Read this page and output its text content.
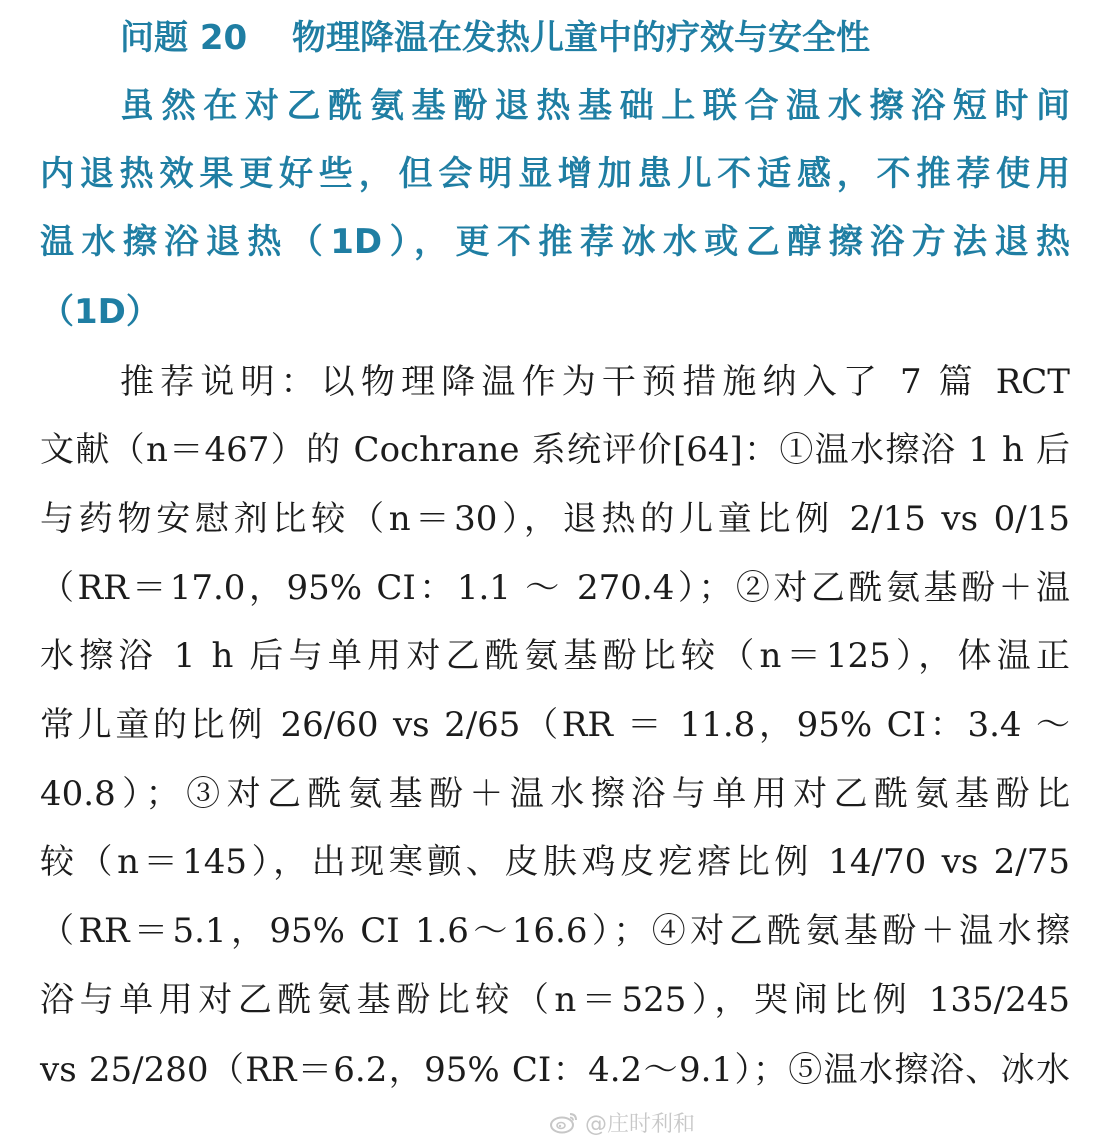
问题 20 物理降温在发热儿童中的疗效与安全性
虽然在对乙酰氨基酚退热基础上联合温水擦浴短时间
内退热效果更好些，但会明显增加患儿不适感，不推荐使用
温水擦浴退热（1D），更不推荐冰水或乙醇擦浴方法退热
（1D）
推荐说明：以物理降温作为干预措施纳入了 7 篇 RCT
文献（n＝467）的 Cochrane 系统评价[64]：①温水擦浴 1 h 后
与药物安慰剂比较（n＝30），退热的儿童比例 2/15 vs 0/15
（RR＝17.0，95% CI：1.1 ～ 270.4）；②对乙酰氨基酚＋温
水擦浴 1 h 后与单用对乙酰氨基酚比较（n＝125），体温正
常儿童的比例 26/60 vs 2/65（RR ＝ 11.8，95% CI：3.4 ～
40.8）；③对乙酰氨基酚＋温水擦浴与单用对乙酰氨基酚比
较（n＝145），出现寒颤、皮肤鸡皮疙瘩比例 14/70 vs 2/75
（RR＝5.1，95% CI 1.6～16.6）；④对乙酰氨基酚＋温水擦
浴与单用对乙酰氨基酚比较（n＝525），哭闹比例 135/245
vs 25/280（RR＝6.2，95% CI：4.2～9.1）；⑤温水擦浴、冰水
@庄时利和
